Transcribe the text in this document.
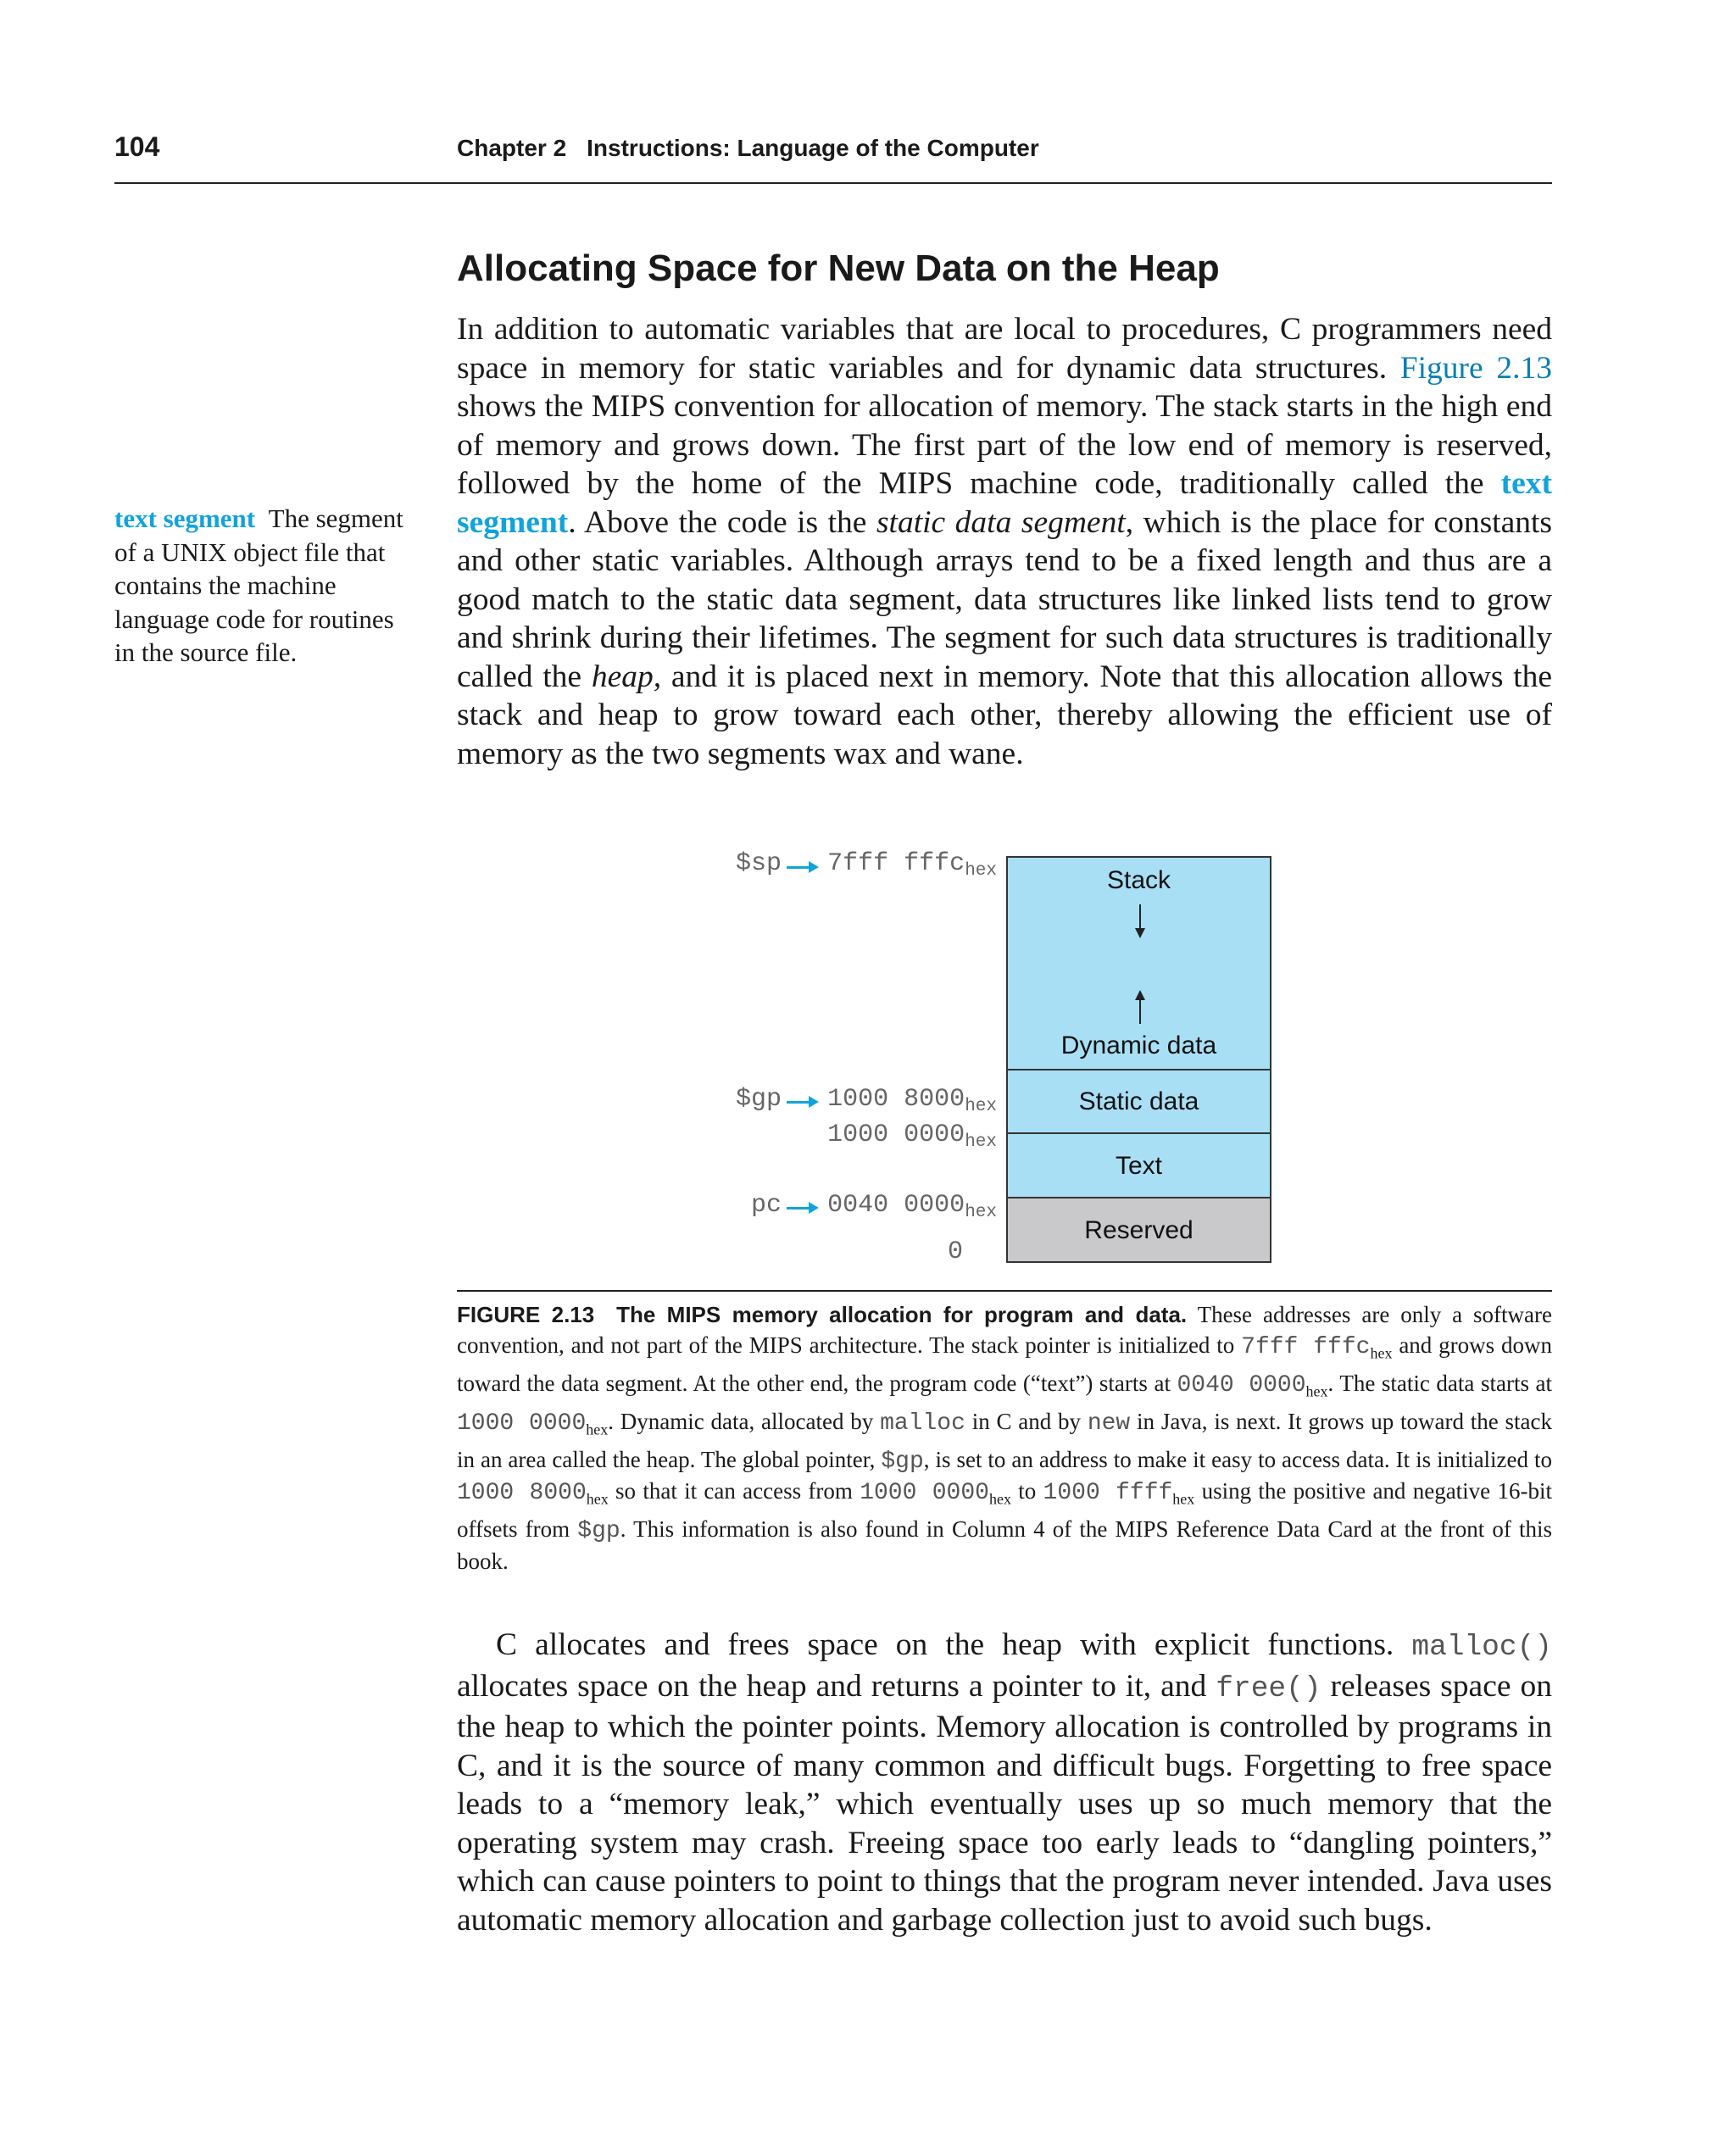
104	Chapter 2 Instructions: Language of the Computer
Allocating Space for New Data on the Heap

In addition to automatic variables that are local to procedures, C programmers need space in memory for static variables and for dynamic data structures. Figure 2.13 shows the MIPS convention for allocation of memory. The stack starts in the high end of memory and grows down. The first part of the low end of memory is reserved, followed by the home of the MIPS machine code, traditionally called the text segment. Above the code is the static data segment, which is the place for constants and other static variables. Although arrays tend to be a fixed length and thus are a good match to the static data segment, data structures like linked lists tend to grow and shrink during their lifetimes. The segment for such data structures is traditionally called the heap, and it is placed next in memory. Note that this allocation allows the stack and heap to grow toward each other, thereby allowing the efficient use of memory as the two segments wax and wane.

text segment The segment of a UNIX object file that contains the machine language code for routines in the source file.
$sp
$gp
pc
7fff fffc$_{hex}$
1000 $8000_{hex}$
1000 $0000_{hex}$
0040 $0000_{hex}$
0
Stack
Dynamic data
Static data
Text
Reserved

FIGURE 2.13 The MIPS memory allocation for program and data. These addresses are only a software convention, and not part of the MIPS architecture. The stack pointer is initialized to 7fff fffc$_{hex}$ and grows down toward the data segment. At the other end, the program code (“text”) starts at 0040 $0000_{hex}$. The static data starts at 1000 $0000_{hex}$. Dynamic data, allocated by malloc in C and by new in Java, is next. It grows up toward the stack in an area called the heap. The global pointer, $gp, is set to an address to make it easy to access data. It is initialized to 1000 $8000_{hex}$ so that it can access from 1000 $0000_{hex}$ to 1000 ffff$_{hex}$ using the positive and negative 16-bit offsets from $gp. This information is also found in Column 4 of the MIPS Reference Data Card at the front of this book.

C allocates and frees space on the heap with explicit functions. malloc() allocates space on the heap and returns a pointer to it, and free() releases space on the heap to which the pointer points. Memory allocation is controlled by programs in C, and it is the source of many common and difficult bugs. Forgetting to free space leads to a “memory leak,” which eventually uses up so much memory that the operating system may crash. Freeing space too early leads to “dangling pointers,” which can cause pointers to point to things that the program never intended. Java uses automatic memory allocation and garbage collection just to avoid such bugs.
